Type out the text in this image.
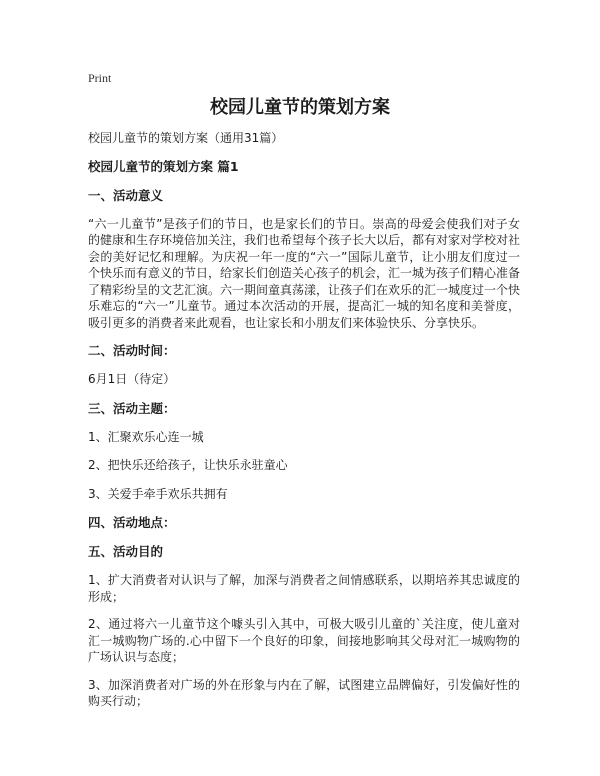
Print
校园儿童节的策划方案

校园儿童节的策划方案（通用31篇）

校园儿童节的策划方案 篇1

一、活动意义

“六一儿童节”是孩子们的节日，也是家长们的节日。崇高的母爱会使我们对子女的健康和生存环境倍加关注，我们也希望每个孩子长大以后，都有对家对学校对社会的美好记忆和理解。为庆祝一年一度的“六一”国际儿童节，让小朋友们度过一个快乐而有意义的节日，给家长们创造关心孩子的机会，汇一城为孩子们精心准备了精彩纷呈的文艺汇演。六一期间童真荡漾，让孩子们在欢乐的汇一城度过一个快乐难忘的“六一”儿童节。通过本次活动的开展，提高汇一城的知名度和美誉度，吸引更多的消费者来此观看，也让家长和小朋友们来体验快乐、分享快乐。

二、活动时间：

6月1日（待定）

三、活动主题：

1、汇聚欢乐心连一城

2、把快乐还给孩子，让快乐永驻童心

3、关爱手牵手欢乐共拥有

四、活动地点：

五、活动目的

1、扩大消费者对认识与了解，加深与消费者之间情感联系，以期培养其忠诚度的形成；

2、通过将六一儿童节这个噱头引入其中，可极大吸引儿童的`关注度，使儿童对汇一城购物广场的.心中留下一个良好的印象，间接地影响其父母对汇一城购物的广场认识与态度；

3、加深消费者对广场的外在形象与内在了解，试图建立品牌偏好，引发偏好性的购买行动；
